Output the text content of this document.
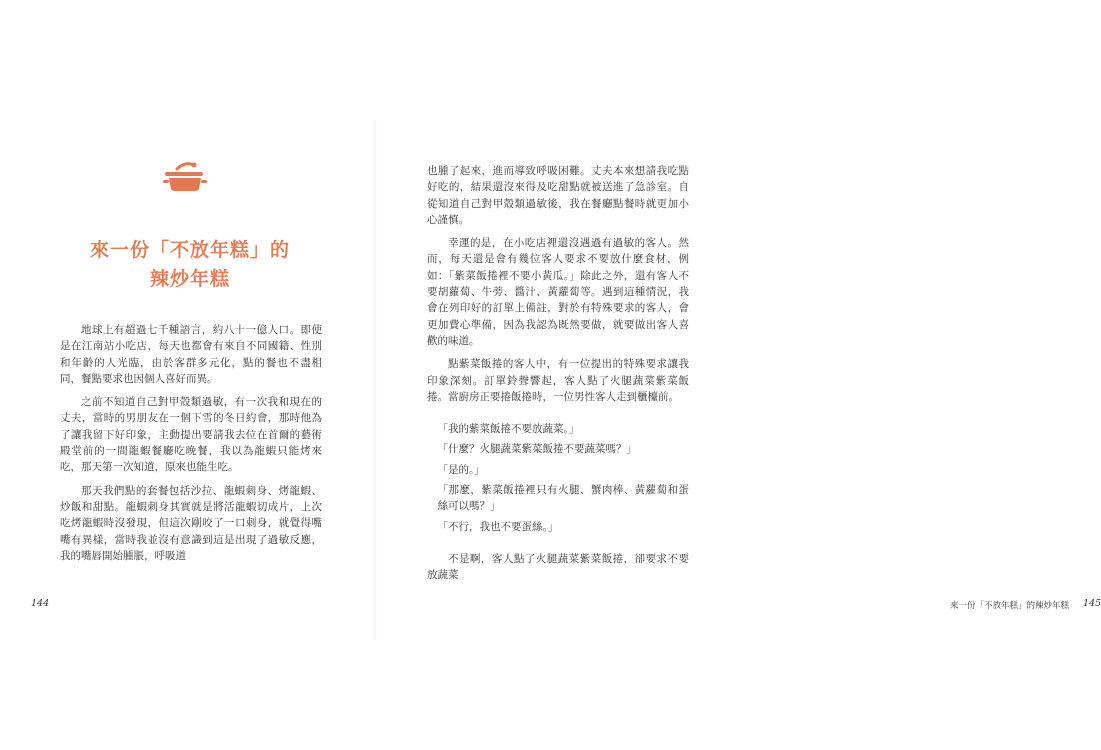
來一份「不放年糕」的
辣炒年糕

地球上有超過七千種語言，約八十一億人口。即使是在江南站小吃店，每天也都會有來自不同國籍、性別和年齡的人光臨，由於客群多元化，點的餐也不盡相同，餐點要求也因個人喜好而異。

之前不知道自己對甲殼類過敏，有一次我和現在的丈夫，當時的男朋友在一個下雪的冬日約會，那時他為了讓我留下好印象，主動提出要請我去位在首爾的藝術殿堂前的一間龍蝦餐廳吃晚餐，我以為龍蝦只能烤來吃，那天第一次知道，原來也能生吃。

那天我們點的套餐包括沙拉、龍蝦刺身、烤龍蝦、炒飯和甜點。龍蝦刺身其實就是將活龍蝦切成片，上次吃烤龍蝦時沒發現，但這次剛咬了一口刺身，就覺得嘴嘴有異樣，當時我並沒有意識到這是出現了過敏反應，我的嘴唇開始腫脹，呼吸道

144	來一份「不放年糕」的辣炒年糕 145

也腫了起來，進而導致呼吸困難。丈夫本來想請我吃點好吃的，結果還沒來得及吃甜點就被送進了急診室。自從知道自己對甲殼類過敏後，我在餐廳點餐時就更加小心謹慎。

幸運的是，在小吃店裡還沒遇過有過敏的客人。然而，每天還是會有幾位客人要求不要放什麼食材，例如：「紫菜飯捲裡不要小黃瓜。」除此之外，還有客人不要胡蘿蔔、牛蒡、醬汁、黃蘿蔔等。遇到這種情況，我會在列印好的訂單上備註，對於有特殊要求的客人，會更加費心準備，因為我認為既然要做，就要做出客人喜歡的味道。

點紫菜飯捲的客人中，有一位提出的特殊要求讓我印象深刻。訂單鈴聲響起，客人點了火腿蔬菜紫菜飯捲。當廚房正要捲飯捲時，一位男性客人走到櫃檯前。

「我的紫菜飯捲不要放蔬菜。」

「什麼？火腿蔬菜紫菜飯捲不要蔬菜嗎？」

「是的。」

「那麼，紫菜飯捲裡只有火腿、蟹肉棒、黃蘿蔔和蛋絲可以嗎？」

「不行，我也不要蛋絲。」

不是啊，客人點了火腿蔬菜紫菜飯捲，卻要求不要放蔬菜
